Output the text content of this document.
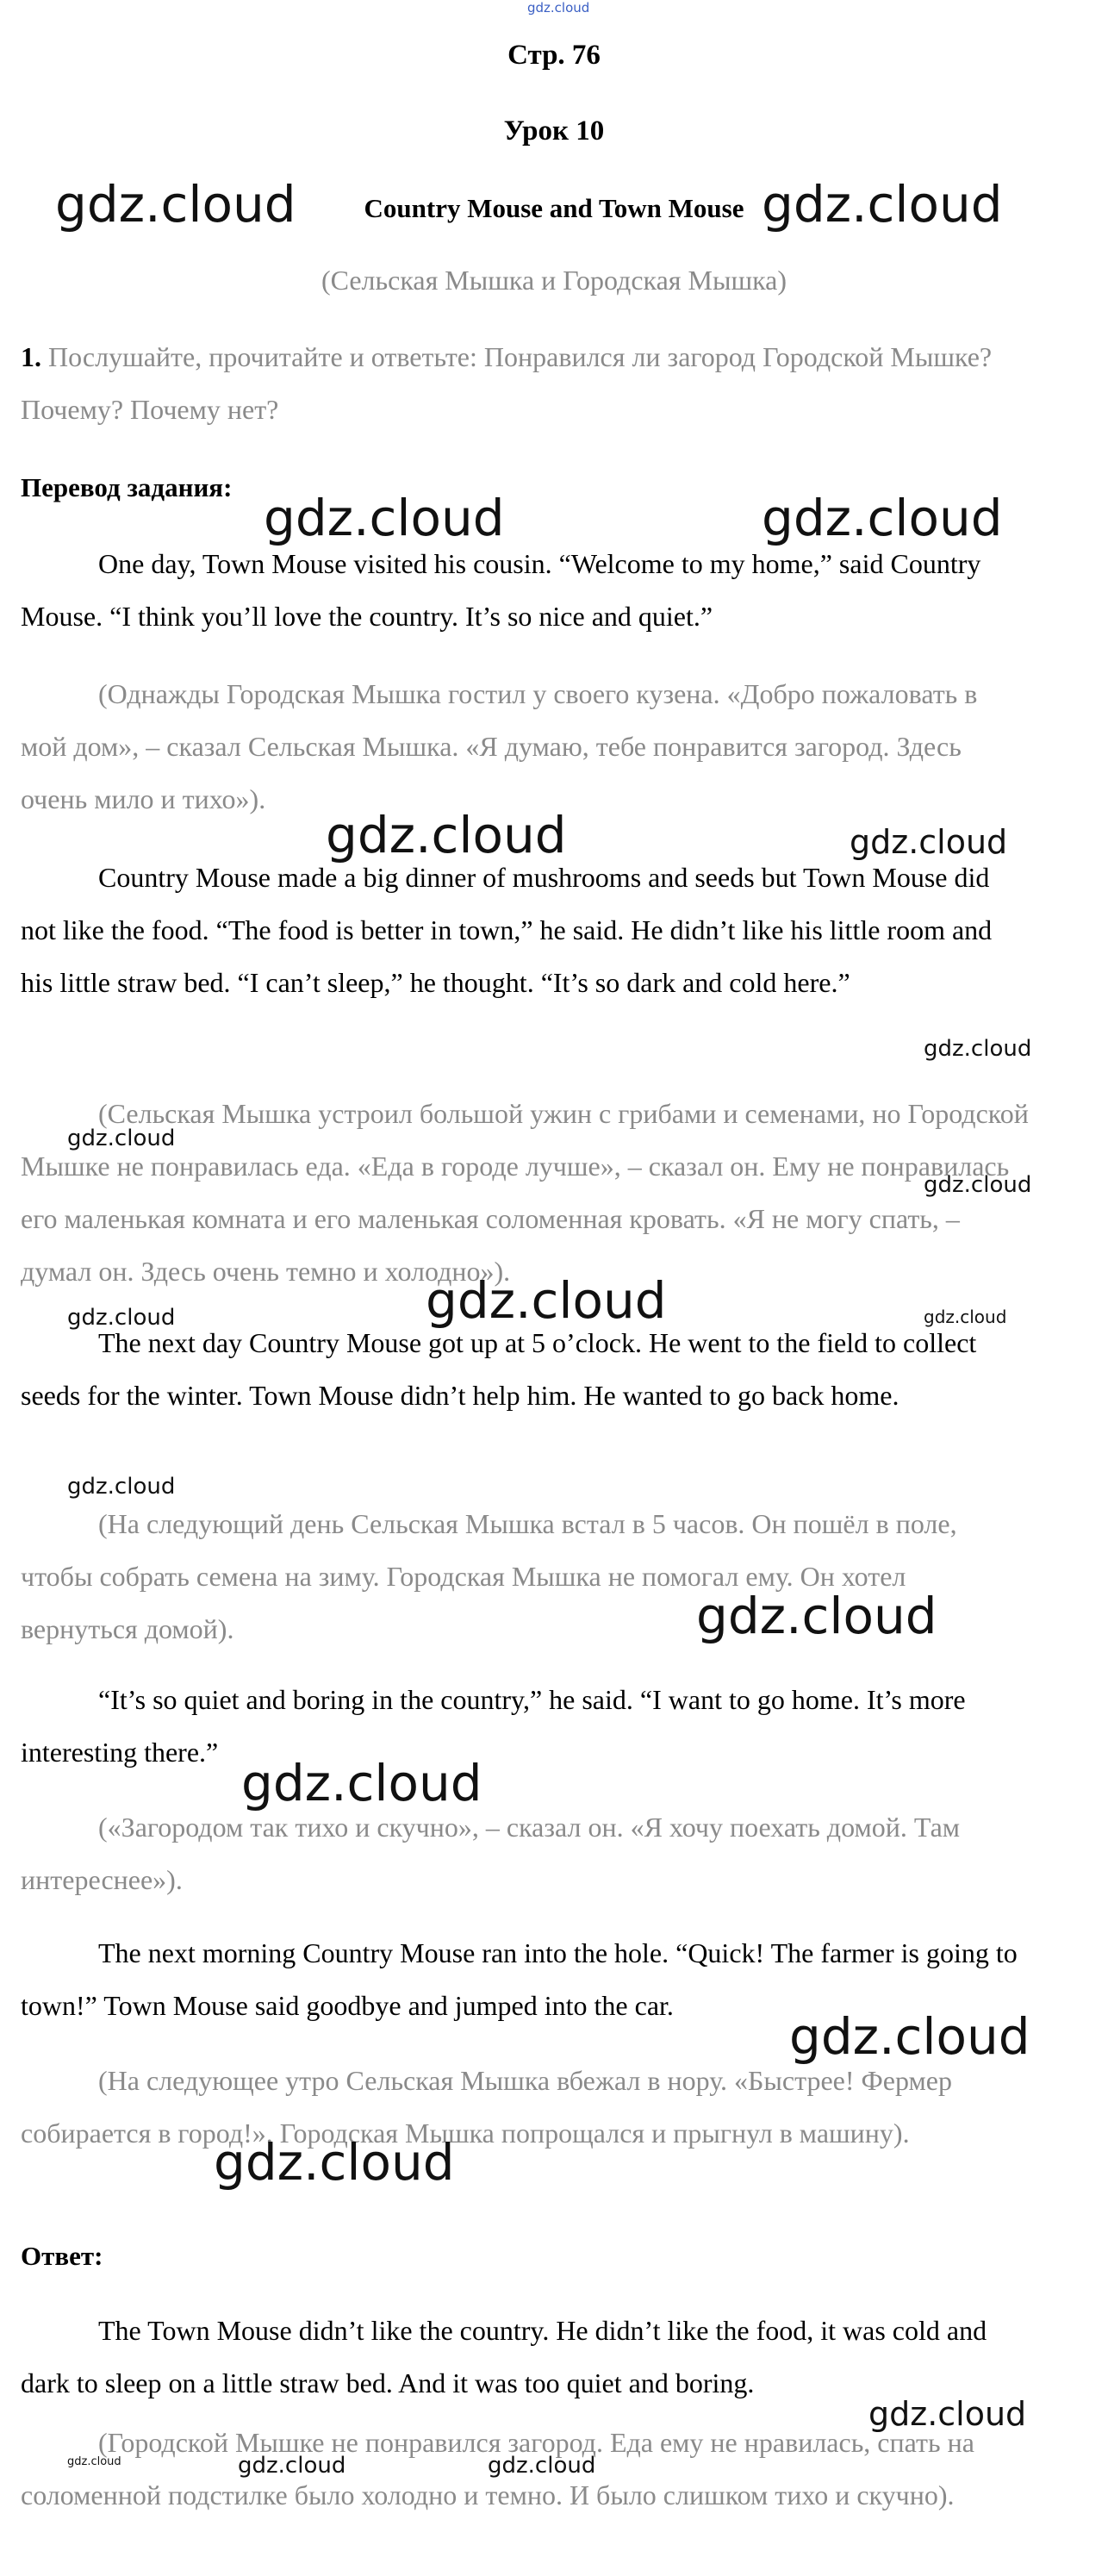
gdz.cloud
Стр. 76
Урок 10
Country Mouse and Town Mouse
(Сельская Мышка и Городская Мышка)
gdz.cloud	gdz.cloud

1. Послушайте, прочитайте и ответьте: Понравился ли загород Городской Мышке? Почему? Почему нет?

Перевод задания:

gdz.cloud	gdz.cloud

One day, Town Mouse visited his cousin. “Welcome to my home,” said Country Mouse. “I think you’ll love the country. It’s so nice and quiet.”

(Однажды Городская Мышка гостил у своего кузена. «Добро пожаловать в мой дом», – сказал Сельская Мышка. «Я думаю, тебе понравится загород. Здесь очень мило и тихо»).

gdz.cloud	gdz.cloud

Country Mouse made a big dinner of mushrooms and seeds but Town Mouse did not like the food. “The food is better in town,” he said. He didn’t like his little room and his little straw bed. “I can’t sleep,” he thought. “It’s so dark and cold here.”

gdz.cloud

(Сельская Мышка устроил большой ужин с грибами и семенами, но Городской Мышке не понравилась еда. «Еда в городе лучше», – сказал он. Ему не понравилась его маленькая комната и его маленькая соломенная кровать. «Я не могу спать, – думал он. Здесь очень темно и холодно»).

gdz.cloud
gdz.cloud
gdz.cloud	gdz.cloud
gdz.cloud

The next day Country Mouse got up at 5 o’clock. He went to the field to collect seeds for the winter. Town Mouse didn’t help him. He wanted to go back home.

gdz.cloud

(На следующий день Сельская Мышка встал в 5 часов. Он пошёл в поле, чтобы собрать семена на зиму. Городская Мышка не помогал ему. Он хотел вернуться домой).	gdz.cloud

“It’s so quiet and boring in the country,” he said. “I want to go home. It’s more interesting there.”

gdz.cloud

(«Загородом так тихо и скучно», – сказал он. «Я хочу поехать домой. Там интереснее»).

The next morning Country Mouse ran into the hole. “Quick! The farmer is going to town!” Town Mouse said goodbye and jumped into the car.

gdz.cloud

(На следующее утро Сельская Мышка вбежал в нору. «Быстрее! Фермер собирается в город!». Городская Мышка попрощался и прыгнул в машину).

gdz.cloud

Ответ:

The Town Mouse didn’t like the country. He didn’t like the food, it was cold and dark to sleep on a little straw bed. And it was too quiet and boring.

gdz.cloud
gdz.cloud	gdz.cloud	gdz.cloud

(Городской Мышке не понравился загород. Еда ему не нравилась, спать на соломенной подстилке было холодно и темно. И было слишком тихо и скучно).
